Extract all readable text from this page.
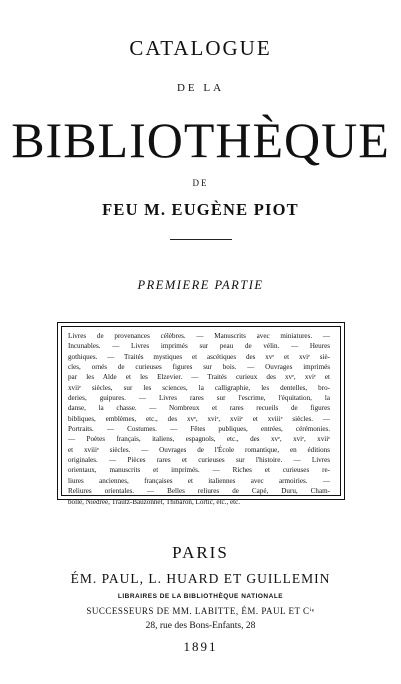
CATALOGUE
DE LA
BIBLIOTHÈQUE
DE
FEU M. EUGÈNE PIOT
PREMIERE PARTIE
Livres de provenances célèbres. — Manuscrits avec miniatures. —
Incunables. — Livres imprimés sur peau de vélin. — Heures
gothiques. — Traités mystiques et ascétiques des xvᵉ et xviᵉ siè-
cles, ornés de curieuses figures sur bois. — Ouvrages imprimés
par les Alde et les Elzevier. — Traités curieux des xvᵉ, xviᵉ et
xviiᵉ siècles, sur les sciences, la calligraphie, les dentelles, bro-
deries, guipures. — Livres rares sur l'escrime, l'équitation, la
danse, la chasse. — Nombreux et rares recueils de figures
bibliques, emblèmes, etc., des xvᵉ, xviᵉ, xviiᵉ et xviiiᵉ siècles. —
Portraits. — Costumes. — Fêtes publiques, entrées, cérémonies.
— Poètes français, italiens, espagnols, etc., des xvᵉ, xviᵉ, xviiᵉ
et xviiiᵉ siècles. — Ouvrages de l'École romantique, en éditions
originales. — Pièces rares et curieuses sur l'histoire. — Livres
orientaux, manuscrits et imprimés. — Riches et curieuses re-
liures anciennes, françaises et italiennes avec armoiries. —
Reliures orientales. — Belles reliures de Capé, Duru, Cham-
bolle, Niedrée, Trautz-Bauzonnet, Thibaron, Lortic, etc., etc.
PARIS
ÉM. PAUL, L. HUARD ET GUILLEMIN
LIBRAIRES DE LA BIBLIOTHÈQUE NATIONALE
SUCCESSEURS DE MM. LABITTE, ÉM. PAUL ET Cⁱᵉ
28, rue des Bons-Enfants, 28
1891
